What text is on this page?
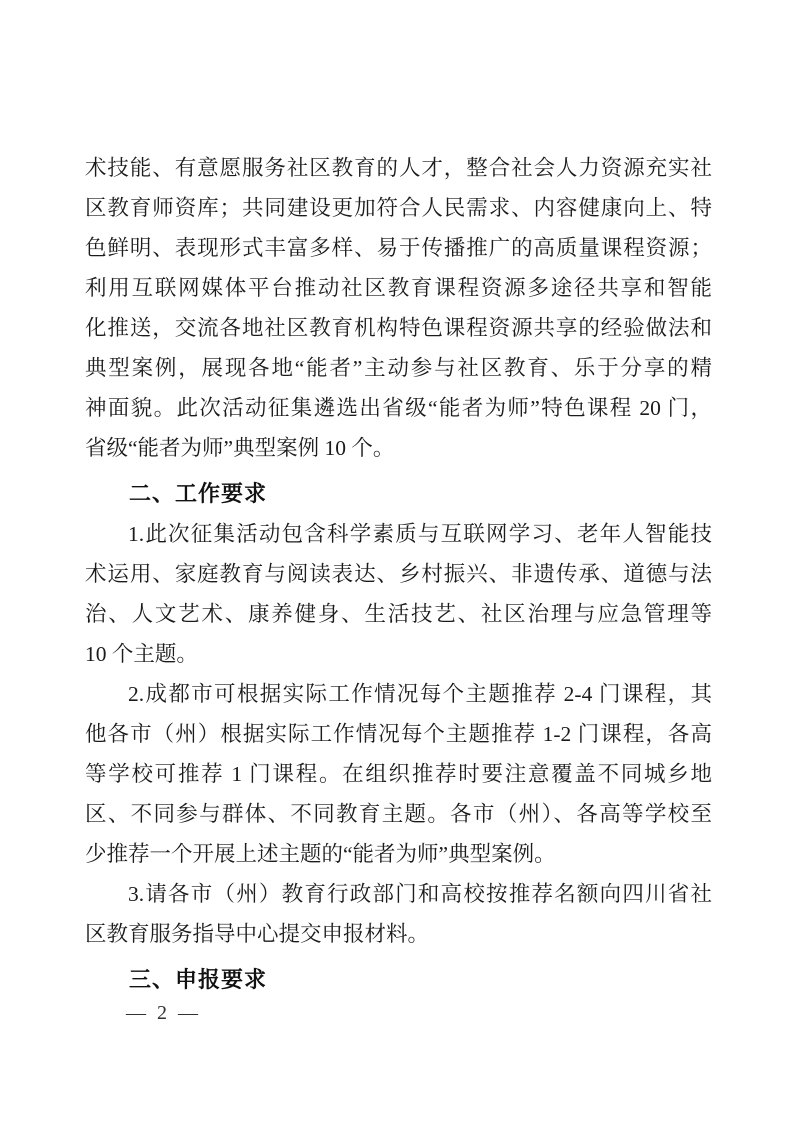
术技能、有意愿服务社区教育的人才，整合社会人力资源充实社
区教育师资库；共同建设更加符合人民需求、内容健康向上、特
色鲜明、表现形式丰富多样、易于传播推广的高质量课程资源；
利用互联网媒体平台推动社区教育课程资源多途径共享和智能
化推送，交流各地社区教育机构特色课程资源共享的经验做法和
典型案例，展现各地“能者”主动参与社区教育、乐于分享的精
神面貌。此次活动征集遴选出省级“能者为师”特色课程 20 门，
省级“能者为师”典型案例 10 个。
二、工作要求
1.此次征集活动包含科学素质与互联网学习、老年人智能技
术运用、家庭教育与阅读表达、乡村振兴、非遗传承、道德与法
治、人文艺术、康养健身、生活技艺、社区治理与应急管理等
10 个主题。
2.成都市可根据实际工作情况每个主题推荐 2-4 门课程，其
他各市（州）根据实际工作情况每个主题推荐 1-2 门课程，各高
等学校可推荐 1 门课程。在组织推荐时要注意覆盖不同城乡地
区、不同参与群体、不同教育主题。各市（州）、各高等学校至
少推荐一个开展上述主题的“能者为师”典型案例。
3.请各市（州）教育行政部门和高校按推荐名额向四川省社
区教育服务指导中心提交申报材料。
三、申报要求
— 2 —
